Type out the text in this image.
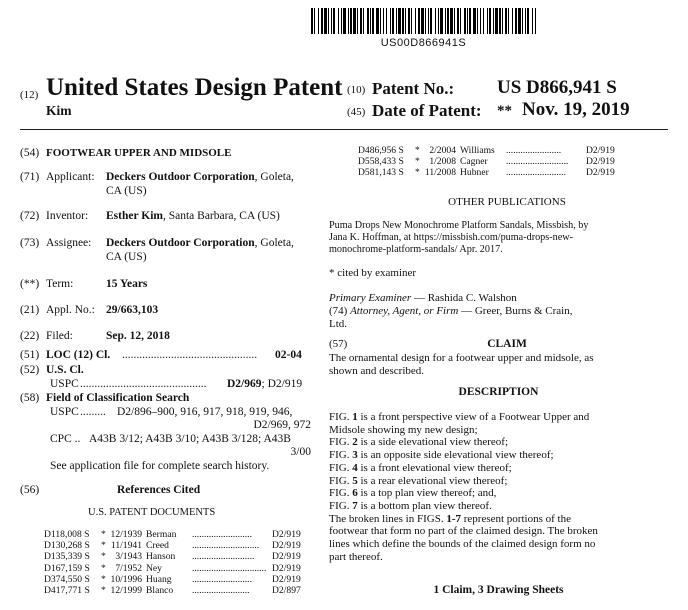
US00D866941S
(12) United States Design Patent
Kim
(10) Patent No.: US D866,941 S
(45) Date of Patent: ** Nov. 19, 2019
(54) FOOTWEAR UPPER AND MIDSOLE
(71) Applicant: Deckers Outdoor Corporation, Goleta,
CA (US)
(72) Inventor: Esther Kim, Santa Barbara, CA (US)
(73) Assignee: Deckers Outdoor Corporation, Goleta,
CA (US)
(**) Term:	15 Years
(21) Appl. No.: 29/663,103
(22) Filed:	Sep. 12, 2018
(51) LOC (12) Cl. ............................................... 02-04
(52) U.S. Cl.
USPC ............................................ D2/969; D2/919
(58) Field of Classification Search
USPC ......... D2/896–900, 916, 917, 918, 919, 946,
D2/969, 972
CPC .. A43B 3/12; A43B 3/10; A43B 3/128; A43B
3/00
See application file for complete search history.
(56)	References Cited
U.S. PATENT DOCUMENTS
D118,008 S * 12/1939 Berman .........................	D2/919
D130,268 S * 11/1941 Creed ............................	D2/919
D135,339 S * 3/1943 Hanson ..........................	D2/919
D167,159 S * 7/1952 Ney	............................... D2/919
D374,550 S * 10/1996 Huang .........................	D2/919
D417,771 S * 12/1999 Blanco ........................	D2/897
D486,956 S * 2/2004 Williams .......................	D2/919
D558,433 S * 1/2008 Cagner ..........................	D2/919
D581,143 S * 11/2008 Hubner .........................	D2/919
OTHER PUBLICATIONS
Puma Drops New Monochrome Platform Sandals, Missbish, by
Jana K. Hoffman, at https://missbish.com/puma-drops-new-
monochrome-platform-sandals/ Apr. 2017.
* cited by examiner
Primary Examiner — Rashida C. Walshon
(74) Attorney, Agent, or Firm — Greer, Burns & Crain,
Ltd.
(57)	CLAIM
The ornamental design for a footwear upper and midsole, as
shown and described.
DESCRIPTION
FIG. 1 is a front perspective view of a Footwear Upper and
Midsole showing my new design;
FIG. 2 is a side elevational view thereof;
FIG. 3 is an opposite side elevational view thereof;
FIG. 4 is a front elevational view thereof;
FIG. 5 is a rear elevational view thereof;
FIG. 6 is a top plan view thereof; and,
FIG. 7 is a bottom plan view thereof.
The broken lines in FIGS. 1-7 represent portions of the
footwear that form no part of the claimed design. The broken
lines which define the bounds of the claimed design form no
part thereof.
1 Claim, 3 Drawing Sheets
